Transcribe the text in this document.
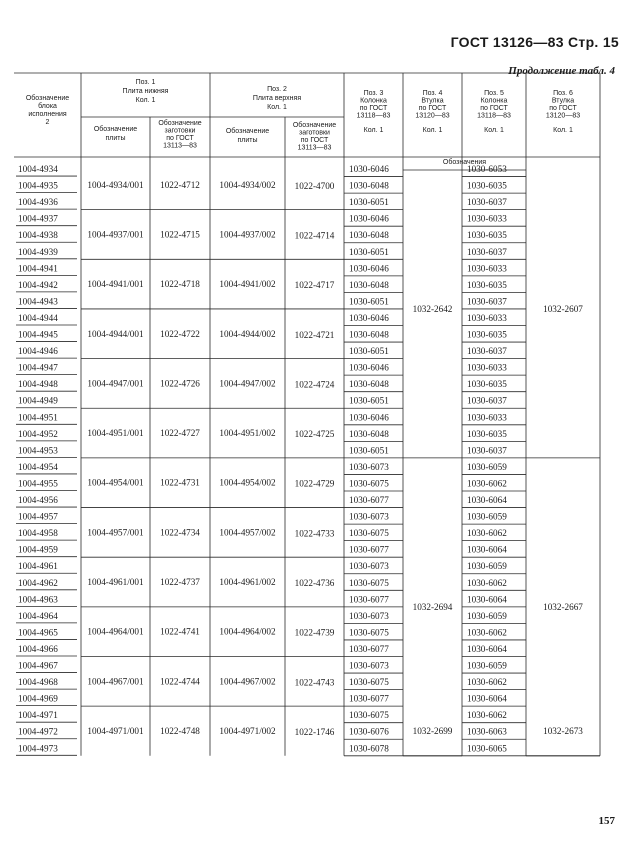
ГОСТ 13126—83 Стр. 15
Продолжение табл. 4
157
Обозначение
блока
исполнения
2
Поз. 1
Плита нижняя
Кол. 1
Поз. 2
Плита верхняя
Кол. 1
Обозначение
плиты
Обозначение
заготовки
по ГОСТ
13113—83
Обозначение
плиты
Обозначение
заготовки
по ГОСТ
13113—83
Поз. 3
Колонка
по ГОСТ
13118—83
Кол. 1
Поз. 4
Втулка
по ГОСТ
13120—83
Кол. 1
Поз. 5
Колонка
по ГОСТ
13118—83
Кол. 1
Поз. 6
Втулка
по ГОСТ
13120—83
Кол. 1
Обозначения
1004-4934
1004-4935
1004-4936
1004-4937
1004-4938
1004-4939
1004-4941
1004-4942
1004-4943
1004-4944
1004-4945
1004-4946
1004-4947
1004-4948
1004-4949
1004-4951
1004-4952
1004-4953
1004-4954
1004-4955
1004-4956
1004-4957
1004-4958
1004-4959
1004-4961
1004-4962
1004-4963
1004-4964
1004-4965
1004-4966
1004-4967
1004-4968
1004-4969
1004-4971
1004-4972
1004-4973
1004-4934/001 1022-4712 1004-4934/002 1022-4700
1004-4937/001 1022-4715 1004-4937/002 1022-4714
1004-4941/001 1022-4718 1004-4941/002 1022-4717
1004-4944/001 1022-4722 1004-4944/002 1022-4721
1004-4947/001 1022-4726 1004-4947/002 1022-4724
1004-4951/001 1022-4727 1004-4951/002 1022-4725
1004-4954/001 1022-4731 1004-4954/002 1022-4729
1004-4957/001 1022-4734 1004-4957/002 1022-4733
1004-4961/001 1022-4737 1004-4961/002 1022-4736
1004-4964/001 1022-4741 1004-4964/002 1022-4739
1004-4967/001 1022-4744 1004-4967/002 1022-4743
1004-4971/001 1022-4748 1004-4971/002 1022-1746
1030-6046
1030-6048
1030-6051
1030-6046
1030-6048
1030-6051
1030-6046
1030-6048
1030-6051
1030-6046
1030-6048
1030-6051
1030-6046
1030-6048
1030-6051
1030-6046
1030-6048
1030-6051
1030-6073
1030-6075
1030-6077
1030-6073
1030-6075
1030-6077
1030-6073
1030-6075
1030-6077
1030-6073
1030-6075
1030-6077
1030-6073
1030-6075
1030-6077
1030-6075
1030-6076
1030-6078
1030-6053
1030-6035
1030-6037
1030-6033
1030-6035
1030-6037
1030-6033
1030-6035
1030-6037
1030-6033
1030-6035
1030-6037
1030-6033
1030-6035
1030-6037
1030-6033
1030-6035
1030-6037
1030-6059
1030-6062
1030-6064
1030-6059
1030-6062
1030-6064
1030-6059
1030-6062
1030-6064
1030-6059
1030-6062
1030-6064
1030-6059
1030-6062
1030-6064
1030-6062
1030-6063
1030-6065
1032-2642
1032-2694
1032-2699
1032-2607
1032-2667
1032-2673
